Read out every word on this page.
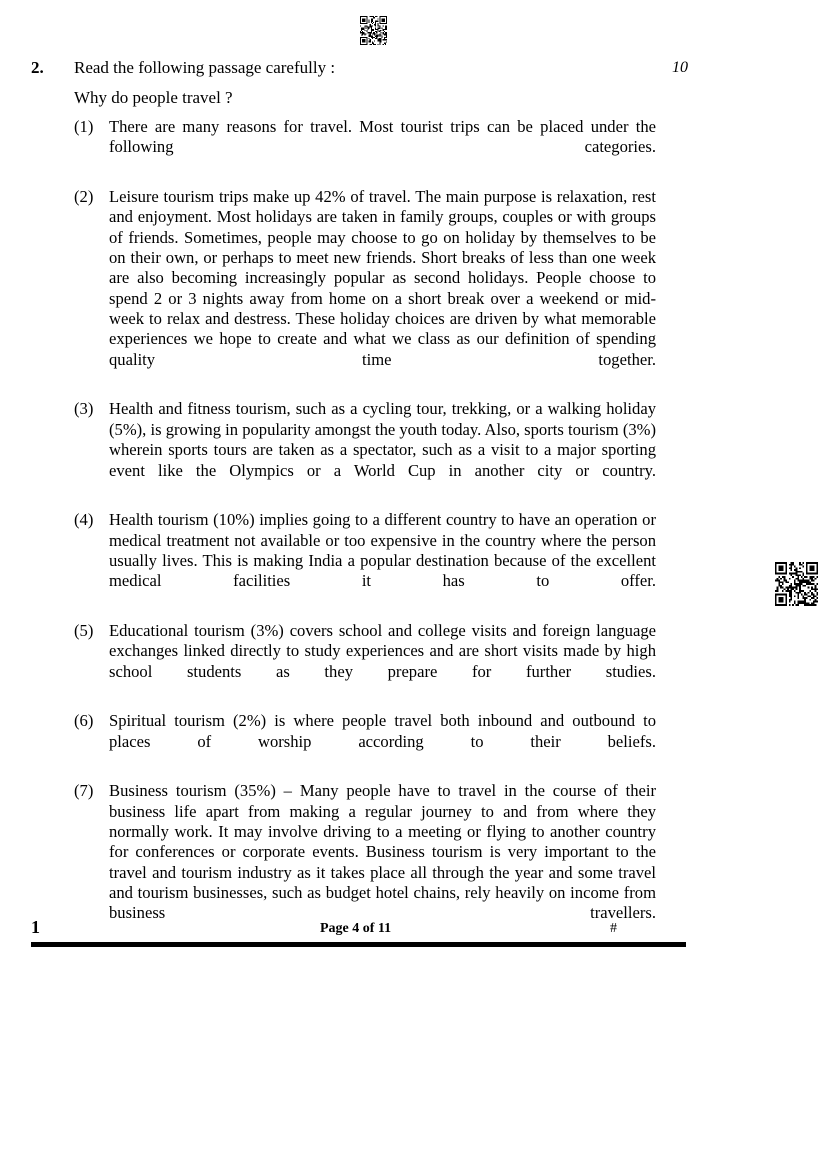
2. Read the following passage carefully :	10
Why do people travel ?
(1) There are many reasons for travel. Most tourist trips can be placed under the following categories.
(2) Leisure tourism trips make up 42% of travel. The main purpose is relaxation, rest and enjoyment. Most holidays are taken in family groups, couples or with groups of friends. Sometimes, people may choose to go on holiday by themselves to be on their own, or perhaps to meet new friends. Short breaks of less than one week are also becoming increasingly popular as second holidays. People choose to spend 2 or 3 nights away from home on a short break over a weekend or mid-week to relax and destress. These holiday choices are driven by what memorable experiences we hope to create and what we class as our definition of spending quality time together.
(3) Health and fitness tourism, such as a cycling tour, trekking, or a walking holiday (5%), is growing in popularity amongst the youth today. Also, sports tourism (3%) wherein sports tours are taken as a spectator, such as a visit to a major sporting event like the Olympics or a World Cup in another city or country.
(4) Health tourism (10%) implies going to a different country to have an operation or medical treatment not available or too expensive in the country where the person usually lives. This is making India a popular destination because of the excellent medical facilities it has to offer.
(5) Educational tourism (3%) covers school and college visits and foreign language exchanges linked directly to study experiences and are short visits made by high school students as they prepare for further studies.
(6) Spiritual tourism (2%) is where people travel both inbound and outbound to places of worship according to their beliefs.
(7) Business tourism (35%) – Many people have to travel in the course of their business life apart from making a regular journey to and from where they normally work. It may involve driving to a meeting or flying to another country for conferences or corporate events. Business tourism is very important to the travel and tourism industry as it takes place all through the year and some travel and tourism businesses, such as budget hotel chains, rely heavily on income from business travellers.
1	Page 4 of 11	#
